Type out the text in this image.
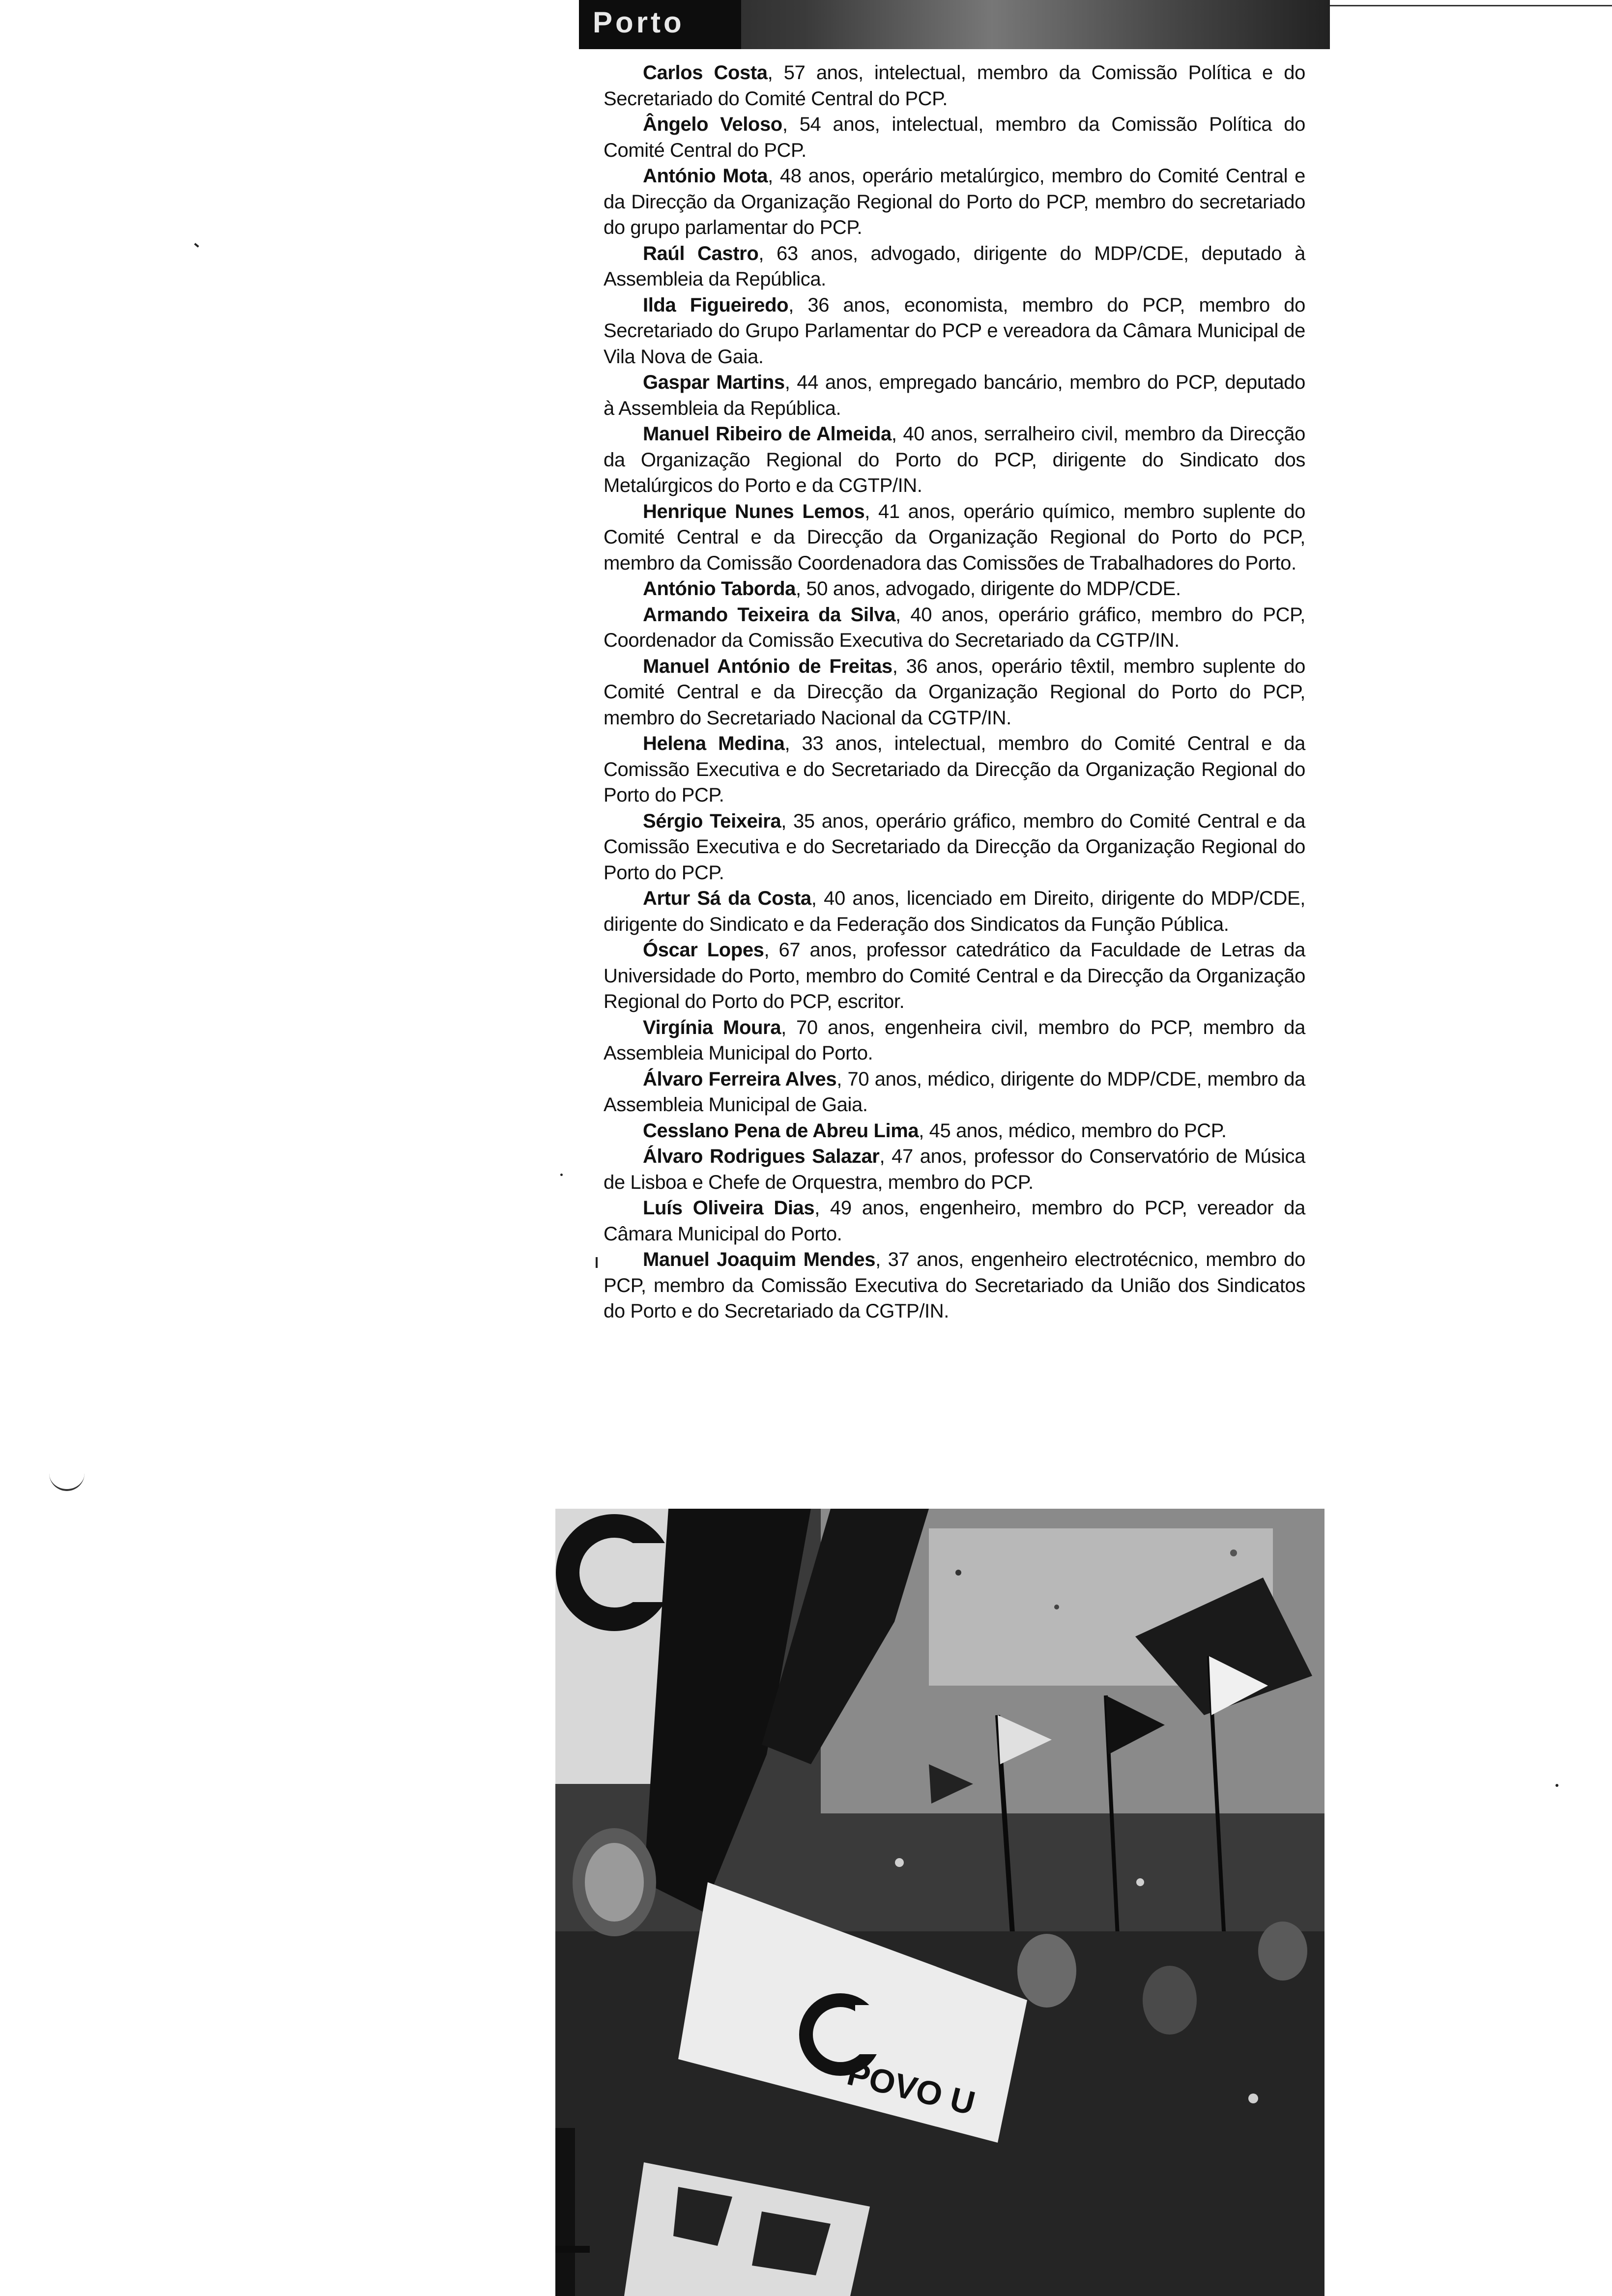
Porto

Carlos Costa, 57 anos, intelectual, membro da Comissão Política e do Secretariado do Comité Central do PCP.

Ângelo Veloso, 54 anos, intelectual, membro da Comissão Política do Comité Central do PCP.

António Mota, 48 anos, operário metalúrgico, membro do Comité Central e da Direcção da Organização Regional do Porto do PCP, membro do secretariado do grupo parlamentar do PCP.

Raúl Castro, 63 anos, advogado, dirigente do MDP/CDE, deputado à Assembleia da República.

Ilda Figueiredo, 36 anos, economista, membro do PCP, membro do Secretariado do Grupo Parlamentar do PCP e vereadora da Câmara Municipal de Vila Nova de Gaia.

Gaspar Martins, 44 anos, empregado bancário, membro do PCP, deputado à Assembleia da República.

Manuel Ribeiro de Almeida, 40 anos, serralheiro civil, membro da Direcção da Organização Regional do Porto do PCP, dirigente do Sindicato dos Metalúrgicos do Porto e da CGTP/IN.

Henrique Nunes Lemos, 41 anos, operário químico, membro suplente do Comité Central e da Direcção da Organização Regional do Porto do PCP, membro da Comissão Coordenadora das Comissões de Trabalhadores do Porto.

António Taborda, 50 anos, advogado, dirigente do MDP/CDE.

Armando Teixeira da Silva, 40 anos, operário gráfico, membro do PCP, Coordenador da Comissão Executiva do Secretariado da CGTP/IN.

Manuel António de Freitas, 36 anos, operário têxtil, membro suplente do Comité Central e da Direcção da Organização Regional do Porto do PCP, membro do Secretariado Nacional da CGTP/IN.

Helena Medina, 33 anos, intelectual, membro do Comité Central e da Comissão Executiva e do Secretariado da Direcção da Organização Regional do Porto do PCP.

Sérgio Teixeira, 35 anos, operário gráfico, membro do Comité Central e da Comissão Executiva e do Secretariado da Direcção da Organização Regional do Porto do PCP.

Artur Sá da Costa, 40 anos, licenciado em Direito, dirigente do MDP/CDE, dirigente do Sindicato e da Federação dos Sindicatos da Função Pública.

Óscar Lopes, 67 anos, professor catedrático da Faculdade de Letras da Universidade do Porto, membro do Comité Central e da Direcção da Organização Regional do Porto do PCP, escritor.

Virgínia Moura, 70 anos, engenheira civil, membro do PCP, membro da Assembleia Municipal do Porto.

Álvaro Ferreira Alves, 70 anos, médico, dirigente do MDP/CDE, membro da Assembleia Municipal de Gaia.

Cesslano Pena de Abreu Lima, 45 anos, médico, membro do PCP.

Álvaro Rodrigues Salazar, 47 anos, professor do Conservatório de Música de Lisboa e Chefe de Orquestra, membro do PCP.

Luís Oliveira Dias, 49 anos, engenheiro, membro do PCP, vereador da Câmara Municipal do Porto.

Manuel Joaquim Mendes, 37 anos, engenheiro electrotécnico, membro do PCP, membro da Comissão Executiva do Secretariado da União dos Sindicatos do Porto e do Secretariado da CGTP/IN.

POVO U
